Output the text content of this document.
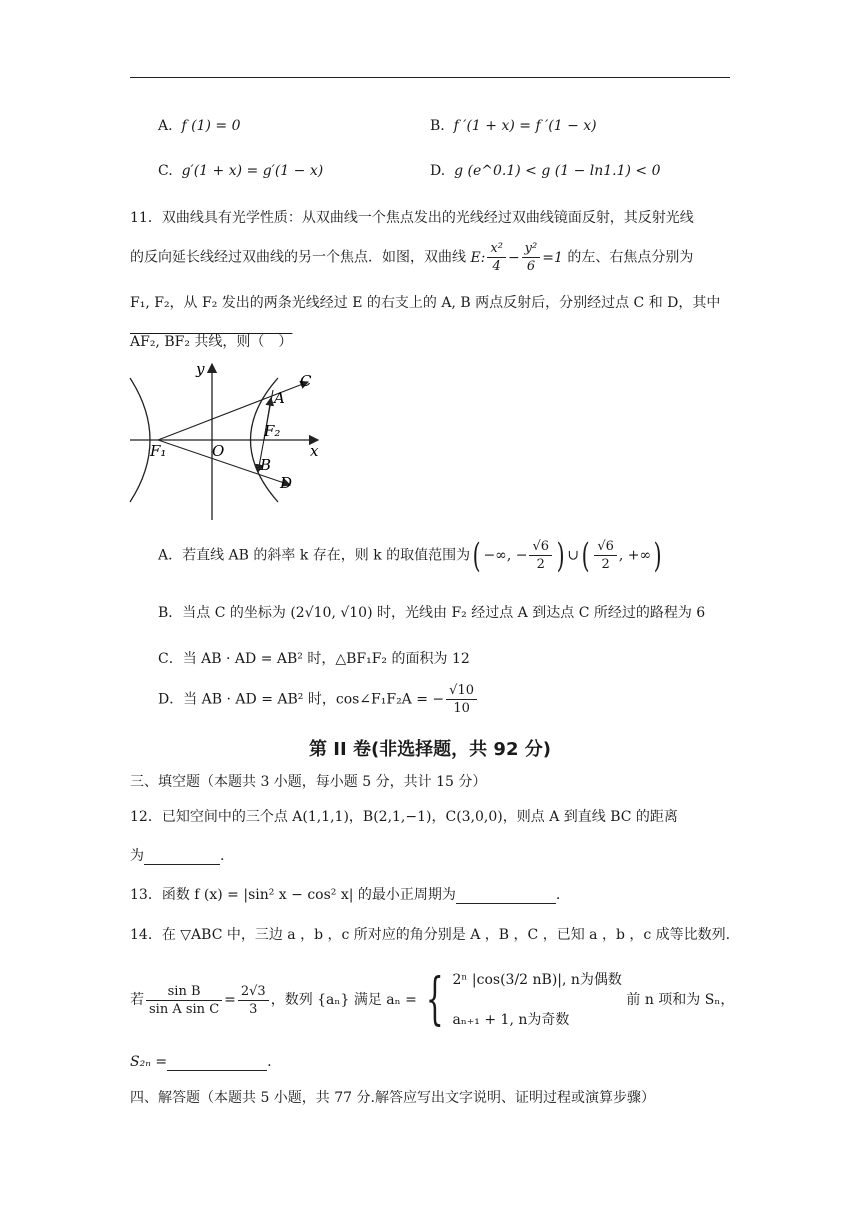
A. f (1) = 0	B. f ′(1 + x) = f ′(1 − x)
C. g′(1 + x) = g′(1 − x)	D. g (e^0.1) < g (1 − ln1.1) < 0
11．双曲线具有光学性质：从双曲线一个焦点发出的光线经过双曲线镜面反射，其反射光线
的反向延长线经过双曲线的另一个焦点．如图，双曲线 E: $\frac{\text{x²}}{4} - \frac{\text{y²}}{6} =1$ 的左、右焦点分别为
F₁, F₂，从 F₂ 发出的两条光线经过 E 的右支上的 A, B 两点反射后，分别经过点 C 和 D，其中
AF₂, BF₂ 共线，则（　）
y
x
O
F₁
F₂
A
B
C
D
A．若直线 AB 的斜率 k 存在，则 k 的取值范围为( −∞, − $\frac{√6}{2}$ ) ∪( $\frac{√6}{2}$ , +∞)
B．当点 C 的坐标为 (2√10, √10) 时，光线由 F₂ 经过点 A 到达点 C 所经过的路程为 6
C．当 AB · AD = AB² 时，△BF₁F₂ 的面积为 12
D．当 AB · AD = AB² 时，cos∠F₁F₂A = − $\frac{√10}{10}$
第 II 卷(非选择题，共 92 分)
三、填空题（本题共 3 小题，每小题 5 分，共计 15 分）
12．已知空间中的三个点 A(1,1,1)，B(2,1,−1)，C(3,0,0)，则点 A 到直线 BC 的距离
为	.
13．函数 f (x) = |sin² x − cos² x| 的最小正周期为	.
14．在 ▽ABC 中，三边 a ，b ，c 所对应的角分别是 A ，B ，C ，已知 a ，b ，c 成等比数列.
若 $\frac{\text{sin B}}{\text{sin A sin C}} = \frac{2√3}{3}$ ，数列 {aₙ} 满足 aₙ = { 2ⁿ |cos(3/2 nB)|, n为偶数
aₙ₊₁ + 1, n为奇数
前 n 项和为 Sₙ，
S₂ₙ =	.
四、解答题（本题共 5 小题，共 77 分.解答应写出文字说明、证明过程或演算步骤）
